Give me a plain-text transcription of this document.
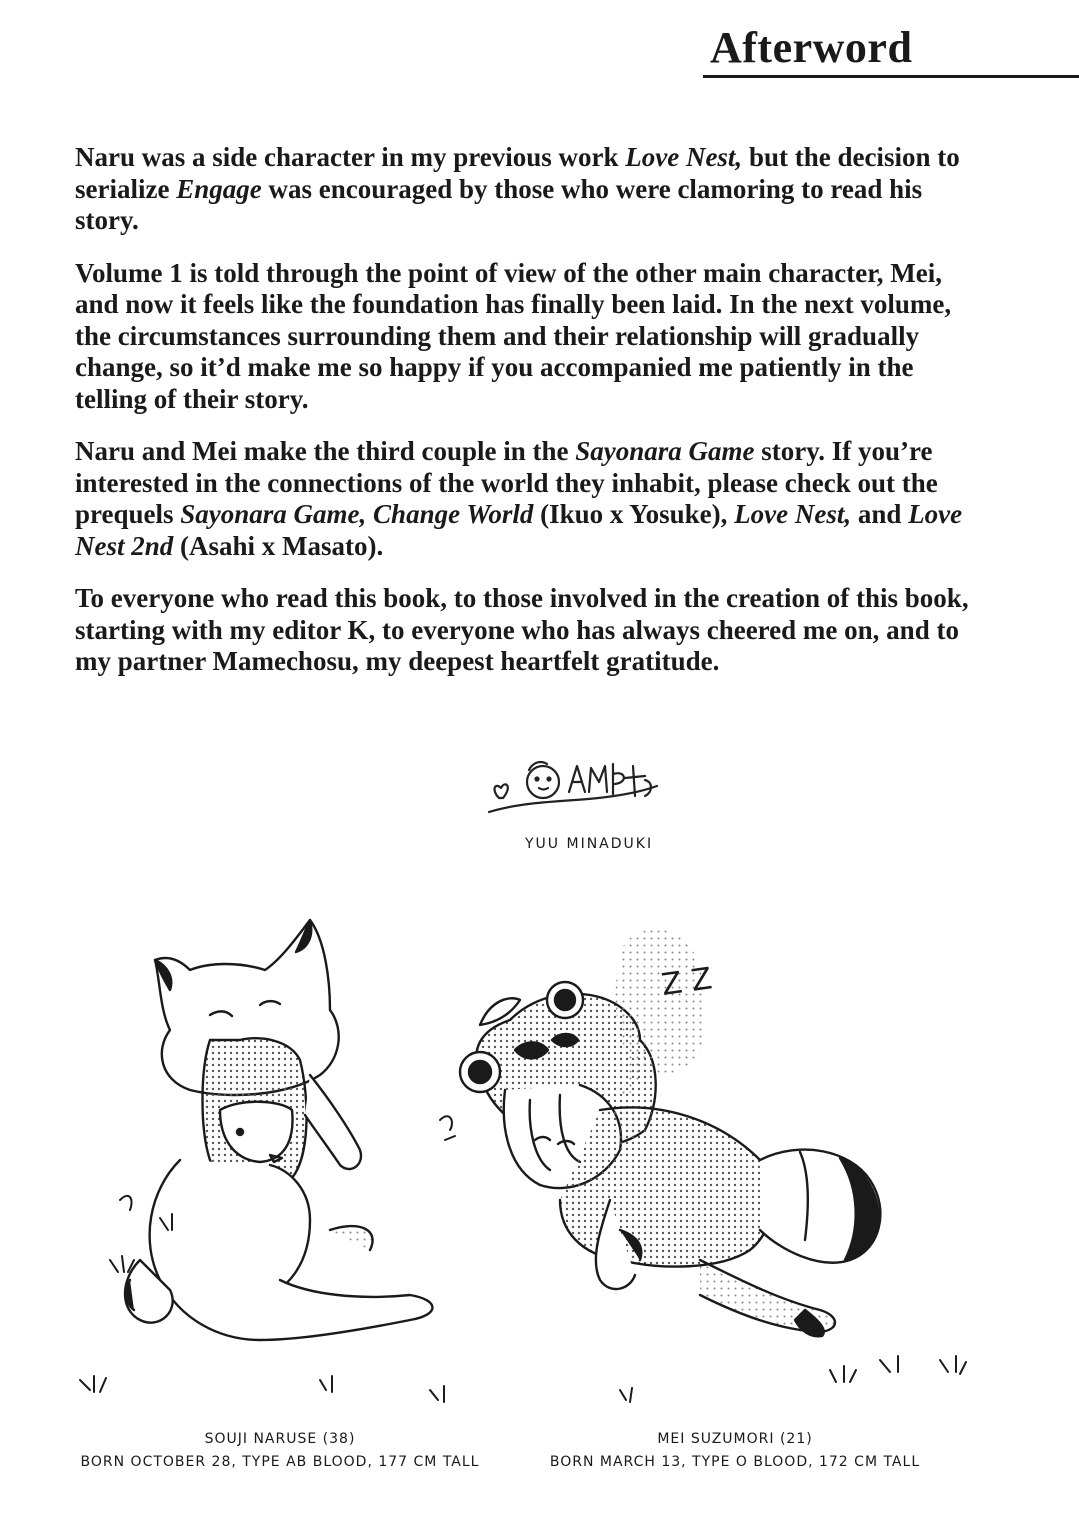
Afterword

Naru was a side character in my previous work Love Nest, but the decision to serialize Engage was encouraged by those who were clamoring to read his story.

Volume 1 is told through the point of view of the other main character, Mei, and now it feels like the foundation has finally been laid. In the next volume, the circumstances surrounding them and their relationship will gradually change, so it’d make me so happy if you accompanied me patiently in the telling of their story.

Naru and Mei make the third couple in the Sayonara Game story. If you’re interested in the connections of the world they inhabit, please check out the prequels Sayonara Game, Change World (Ikuo x Yosuke), Love Nest, and Love Nest 2nd (Asahi x Masato).

To everyone who read this book, to those involved in the creation of this book, starting with my editor K, to everyone who has always cheered me on, and to my partner Mamechosu, my deepest heartfelt gratitude.

YUU MINADUKI
Z Z
SOUJI NARUSE (38)
BORN OCTOBER 28, TYPE AB BLOOD, 177 CM TALL
MEI SUZUMORI (21)
BORN MARCH 13, TYPE O BLOOD, 172 CM TALL
